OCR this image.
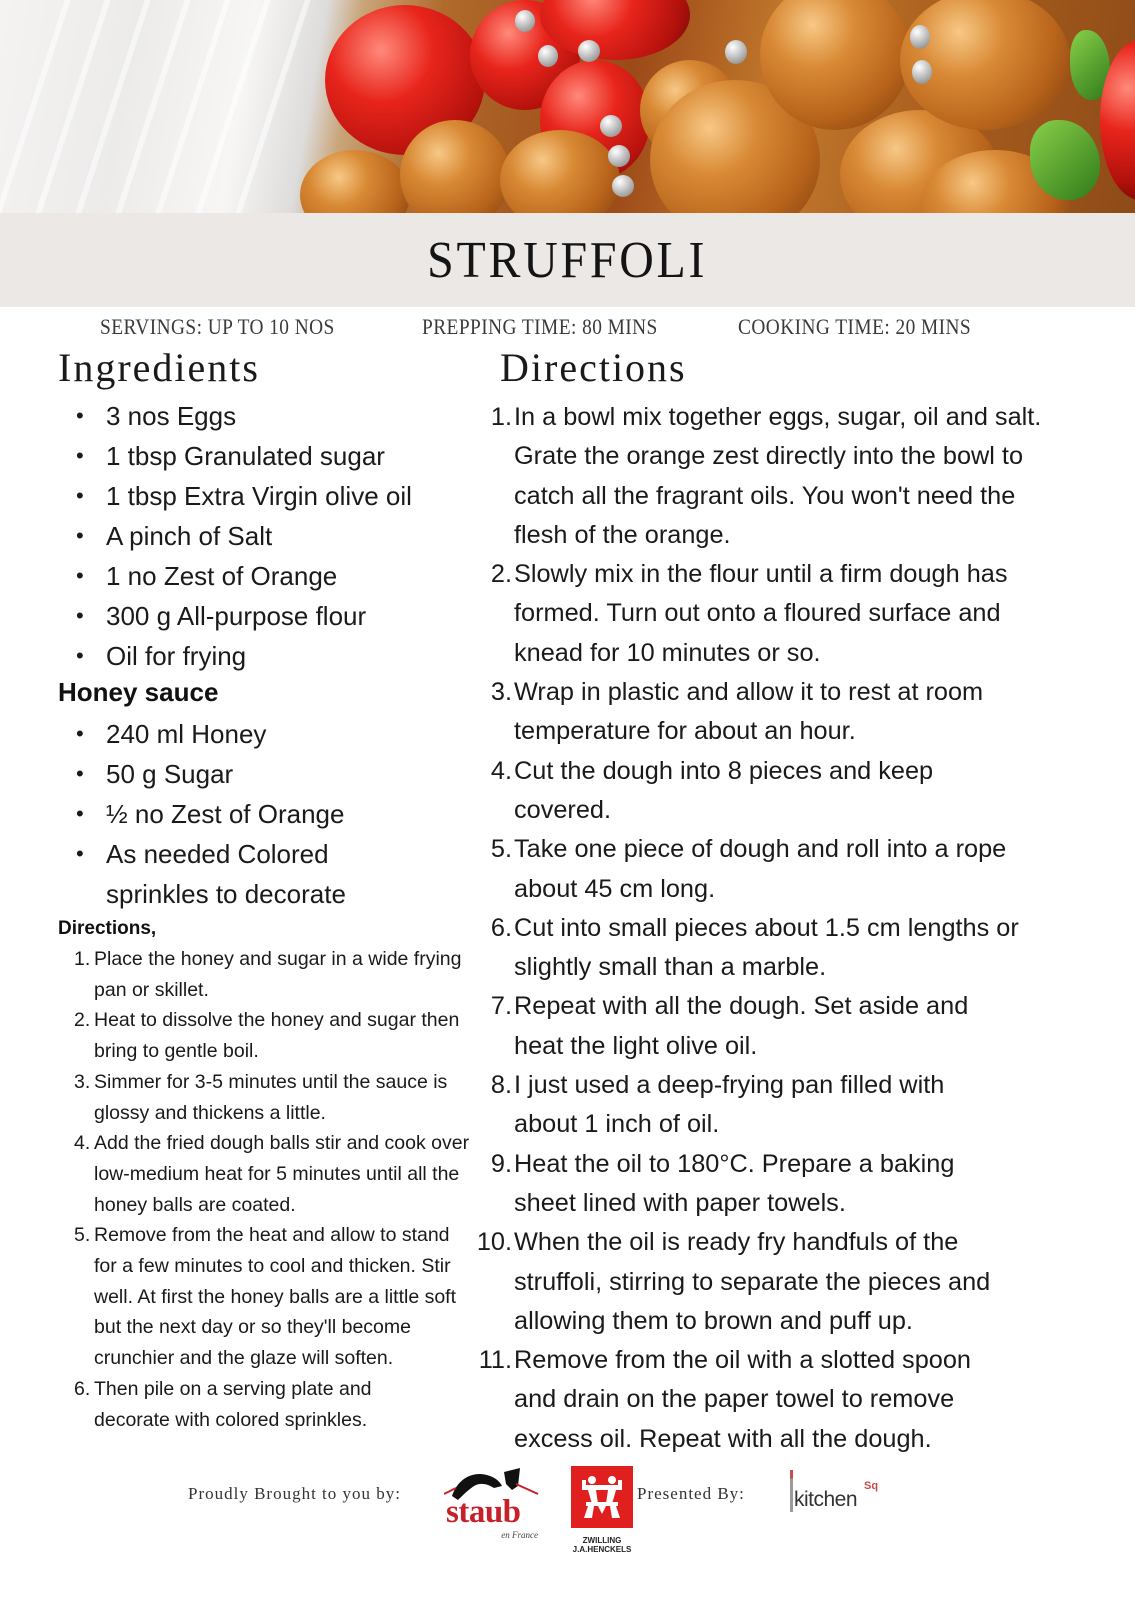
STRUFFOLI
SERVINGS: UP TO 10 NOS	PREPPING TIME: 80 MINS	COOKING TIME: 20 MINS
Ingredients	Directions
• 3 nos Eggs
• 1 tbsp Granulated sugar
• 1 tbsp Extra Virgin olive oil
• A pinch of Salt
• 1 no Zest of Orange
• 300 g All-purpose flour
• Oil for frying
Honey sauce
• 240 ml Honey
• 50 g Sugar
• ½ no Zest of Orange
• As needed Colored sprinkles to decorate
Directions,
1. Place the honey and sugar in a wide frying pan or skillet.
2. Heat to dissolve the honey and sugar then bring to gentle boil.
3. Simmer for 3-5 minutes until the sauce is glossy and thickens a little.
4. Add the fried dough balls stir and cook over low-medium heat for 5 minutes until all the honey balls are coated.
5. Remove from the heat and allow to stand for a few minutes to cool and thicken. Stir well. At first the honey balls are a little soft but the next day or so they'll become crunchier and the glaze will soften.
6. Then pile on a serving plate and decorate with colored sprinkles.
1. In a bowl mix together eggs, sugar, oil and salt. Grate the orange zest directly into the bowl to catch all the fragrant oils. You won't need the flesh of the orange.
2. Slowly mix in the flour until a firm dough has formed. Turn out onto a floured surface and knead for 10 minutes or so.
3. Wrap in plastic and allow it to rest at room temperature for about an hour.
4. Cut the dough into 8 pieces and keep covered.
5. Take one piece of dough and roll into a rope about 45 cm long.
6. Cut into small pieces about 1.5 cm lengths or slightly small than a marble.
7. Repeat with all the dough. Set aside and heat the light olive oil.
8. I just used a deep-frying pan filled with about 1 inch of oil.
9. Heat the oil to 180°C. Prepare a baking sheet lined with paper towels.
10. When the oil is ready fry handfuls of the struffoli, stirring to separate the pieces and allowing them to brown and puff up.
11. Remove from the oil with a slotted spoon and drain on the paper towel to remove excess oil. Repeat with all the dough.
Proudly Brought to you by:
staub
en France
ZWILLING
J.A.HENCKELS
Presented By: kitchen
Sq
